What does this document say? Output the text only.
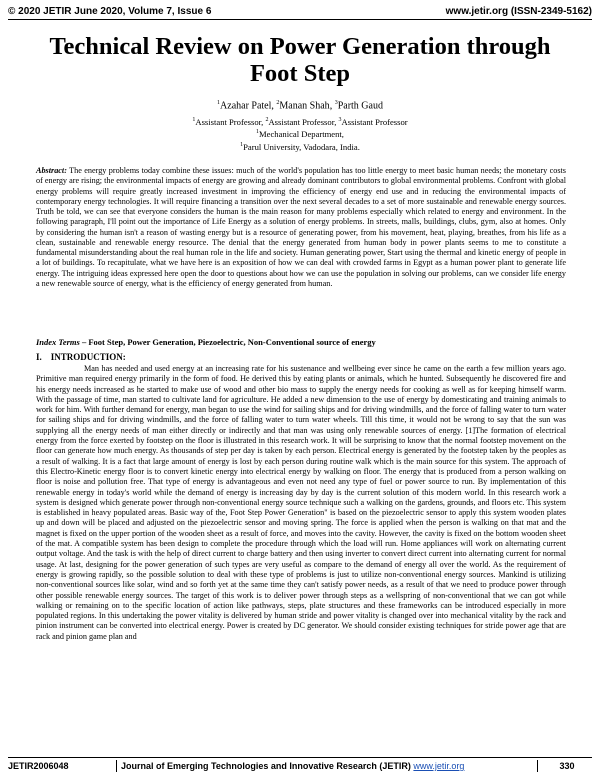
© 2020 JETIR June 2020, Volume 7, Issue 6	www.jetir.org (ISSN-2349-5162)
Technical Review on Power Generation through Foot Step
$^1$Azahar Patel, $^2$Manan Shah, $^3$Parth Gaud
$^1$Assistant Professor, $^2$Assistant Professor, $^3$Assistant Professor
$^1$Mechanical Department,
$^1$Parul University, Vadodara, India.
Abstract: The energy problems today combine these issues: much of the world's population has too little energy to meet basic human needs; the monetary costs of energy are rising; the environmental impacts of energy are growing and already dominant contributors to global environmental problems. Confront with global energy problems will require greatly increased investment in improving the efficiency of energy end use and in reducing the environmental impacts of contemporary energy technologies. It will require financing a transition over the next several decades to a set of more sustainable and renewable energy sources. Truth be told, we can see that everyone considers the human is the main reason for many problems especially which related to energy and environment. In the following paragraph, I'll point out the importance of Life Energy as a solution of energy problems. In streets, malls, buildings, clubs, gym, also at homes. Only by considering the human isn't a reason of wasting energy but is a resource of generating power, from his movement, heat, playing, breathes, from his life as a clean, sustainable and renewable energy resource. The denial that the energy generated from human body in power plants seems to me to constitute a fundamental misunderstanding about the real human role in the life and society. Human generating power, Start using the thermal and kinetic energy of people in a lot of buildings. To recapitulate, what we have here is an exposition of how we can deal with crowded farms in Egypt as a human power plant to generate life energy. The intriguing ideas expressed here open the door to questions about how we can use the population in solving our problems, can we consider life energy a new renewable source of energy, what is the efficiency of energy generated from human.
Index Terms – Foot Step, Power Generation, Piezoelectric, Non-Conventional source of energy
I. INTRODUCTION:
Man has needed and used energy at an increasing rate for his sustenance and wellbeing ever since he came on the earth a few million years ago. Primitive man required energy primarily in the form of food. He derived this by eating plants or animals, which he hunted. Subsequently he discovered fire and his energy needs increased as he started to make use of wood and other bio mass to supply the energy needs for cooking as well as for keeping himself warm. With the passage of time, man started to cultivate land for agriculture. He added a new dimension to the use of energy by domesticating and training animals to work for him. With further demand for energy, man began to use the wind for sailing ships and for driving windmills, and the force of falling water to turn water for sailing ships and for driving windmills, and the force of falling water to turn water wheels. Till this time, it would not be wrong to say that the sun was supplying all the energy needs of man either directly or indirectly and that man was using only renewable sources of energy. [1]The formation of electrical energy from the force exerted by footstep on the floor is illustrated in this research work. It will be surprising to know that the normal footstep movement on the floor can generate how much energy. As thousands of step per day is taken by each person. Electrical energy is generated by the footstep taken by the peoples as a result of walking. It is a fact that large amount of energy is lost by each person during routine walk which is the main source for this system. The approach of this Electro-Kinetic energy floor is to convert kinetic energy into electrical energy by walking on floor. The energy that is produced from a person walking on floor is noise and pollution free. That type of energy is advantageous and even not need any type of fuel or power source to run. By implementation of this renewable energy in today's world while the demand of energy is increasing day by day is the current solution of this modern world. In this research work a system is designed which generate power through non-conventional energy source technique such a walking on the gardens, grounds, and floors etc. This system is established in heavy populated areas. Basic way of the, Foot Step Power Generation" is based on the piezoelectric sensor to apply this system wooden plates up and down will be placed and adjusted on the piezoelectric sensor and moving spring. The force is applied when the person is walking on that mat and the magnet is fixed on the upper portion of the wooden sheet as a result of force, and moves into the cavity. However, the cavity is fixed on the bottom wooden sheet of the mat. A compatible system has been design to complete the procedure through which the load will run. Home appliances will work on alternating current output voltage. And the task is with the help of direct current to charge battery and then using inverter to convert direct current into alternating current for normal usage. At last, designing for the power generation of such types are very useful as compare to the demand of energy all over the world. As the requirement of energy is growing rapidly, so the possible solution to deal with these type of problems is just to utilize non-conventional energy sources. Mankind is utilizing non-conventional sources like solar, wind and so forth yet at the same time they can't satisfy power needs, as a result of that we need to produce power through other possible renewable energy sources. The target of this work is to deliver power through steps as a wellspring of non-conventional that we can got while walking or remaining on to the specific location of action like pathways, steps, plate structures and these frameworks can be introduced especially in more populated regions. In this undertaking the power vitality is delivered by human stride and power vitality is changed over into mechanical vitality by the rack and pinion instrument can be converted into electrical energy. Power is created by DC generator. We should consider existing techniques for stride power age that are rack and pinion game plan and
JETIR2006048	Journal of Emerging Technologies and Innovative Research (JETIR) www.jetir.org	330
